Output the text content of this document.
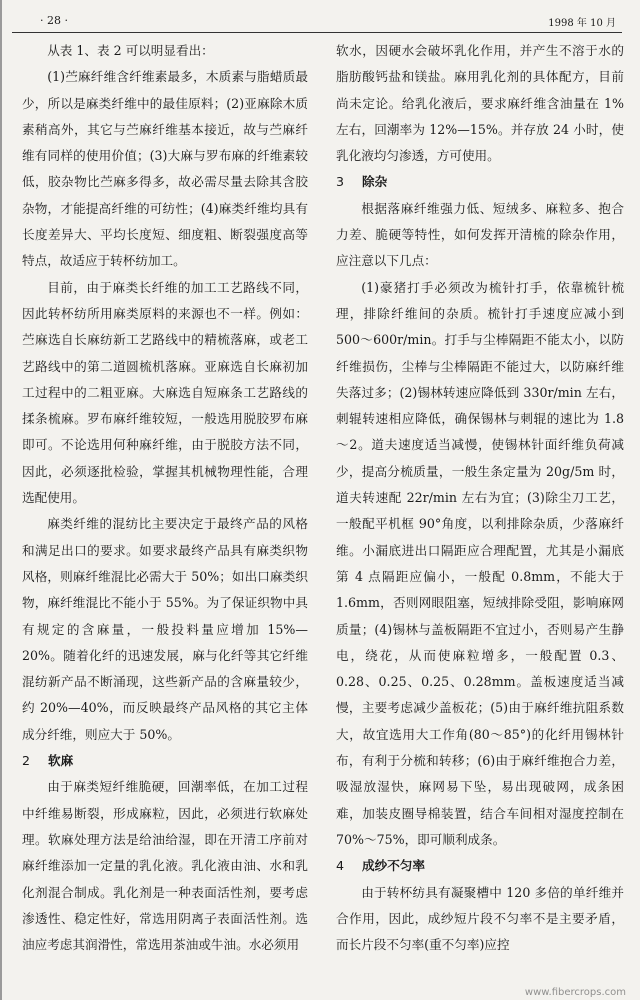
· 28 ·	1998 年 10 月

从表 1、表 2 可以明显看出：

(1)苎麻纤维含纤维素最多，木质素与脂蜡质最少，所以是麻类纤维中的最佳原料；(2)亚麻除木质素稍高外，其它与苎麻纤维基本接近，故与苎麻纤维有同样的使用价值；(3)大麻与罗布麻的纤维素较低，胶杂物比苎麻多得多，故必需尽量去除其含胶杂物，才能提高纤维的可纺性；(4)麻类纤维均具有长度差异大、平均长度短、细度粗、断裂强度高等特点，故适应于转杯纺加工。

目前，由于麻类长纤维的加工工艺路线不同，因此转杯纺所用麻类原料的来源也不一样。例如：苎麻选自长麻纺新工艺路线中的精梳落麻，或老工艺路线中的第二道圆梳机落麻。亚麻选自长麻初加工过程中的二粗亚麻。大麻选自短麻条工艺路线的揉条梳麻。罗布麻纤维较短，一般选用脱胶罗布麻即可。不论选用何种麻纤维，由于脱胶方法不同，因此，必须逐批检验，掌握其机械物理性能，合理选配使用。

麻类纤维的混纺比主要决定于最终产品的风格和满足出口的要求。如要求最终产品具有麻类织物风格，则麻纤维混比必需大于 50%；如出口麻类织物，麻纤维混比不能小于 55%。为了保证织物中具有规定的含麻量，一般投料量应增加 15%—20%。随着化纤的迅速发展，麻与化纤等其它纤维混纺新产品不断涌现，这些新产品的含麻量较少，约 20%—40%，而反映最终产品风格的其它主体成分纤维，则应大于 50%。

2 软麻

由于麻类短纤维脆硬，回潮率低，在加工过程中纤维易断裂，形成麻粒，因此，必须进行软麻处理。软麻处理方法是给油给湿，即在开清工序前对麻纤维添加一定量的乳化液。乳化液由油、水和乳化剂混合制成。乳化剂是一种表面活性剂，要考虑渗透性、稳定性好，常选用阴离子表面活性剂。选油应考虑其润滑性，常选用茶油或牛油。水必须用

软水，因硬水会破坏乳化作用，并产生不溶于水的脂肪酸钙盐和镁盐。麻用乳化剂的具体配方，目前尚未定论。给乳化液后，要求麻纤维含油量在 1%左右，回潮率为 12%—15%。并存放 24 小时，使乳化液均匀渗透，方可使用。

3 除杂

根据落麻纤维强力低、短绒多、麻粒多、抱合力差、脆硬等特性，如何发挥开清梳的除杂作用，应注意以下几点：

(1)豪猪打手必须改为梳针打手，依靠梳针梳理，排除纤维间的杂质。梳针打手速度应减小到 500～600r/min。打手与尘棒隔距不能太小，以防纤维损伤，尘棒与尘棒隔距不能过大，以防麻纤维失落过多；(2)锡林转速应降低到 330r/min 左右，刺辊转速相应降低，确保锡林与刺辊的速比为 1.8～2。道夫速度适当减慢，使锡林针面纤维负荷减少，提高分梳质量，一般生条定量为 20g/5m 时，道夫转速配 22r/min 左右为宜；(3)除尘刀工艺，一般配平机框 90°角度，以利排除杂质，少落麻纤维。小漏底进出口隔距应合理配置，尤其是小漏底第 4 点隔距应偏小，一般配 0.8mm，不能大于 1.6mm，否则网眼阻塞，短绒排除受阻，影响麻网质量；(4)锡林与盖板隔距不宜过小，否则易产生静电，绕花，从而使麻粒增多，一般配置 0.3、0.28、0.25、0.25、0.28mm。盖板速度适当减慢，主要考虑减少盖板花；(5)由于麻纤维抗阻系数大，故宜选用大工作角(80～85°)的化纤用锡林针布，有利于分梳和转移；(6)由于麻纤维抱合力差，吸湿放湿快，麻网易下坠，易出现破网，成条困难，加装皮圈导棉装置，结合车间相对湿度控制在 70%～75%，即可顺利成条。

4 成纱不匀率

由于转杯纺具有凝聚槽中 120 多倍的单纤维并合作用，因此，成纱短片段不匀率不是主要矛盾，而长片段不匀率(重不匀率)应控

www.fibercrops.com
